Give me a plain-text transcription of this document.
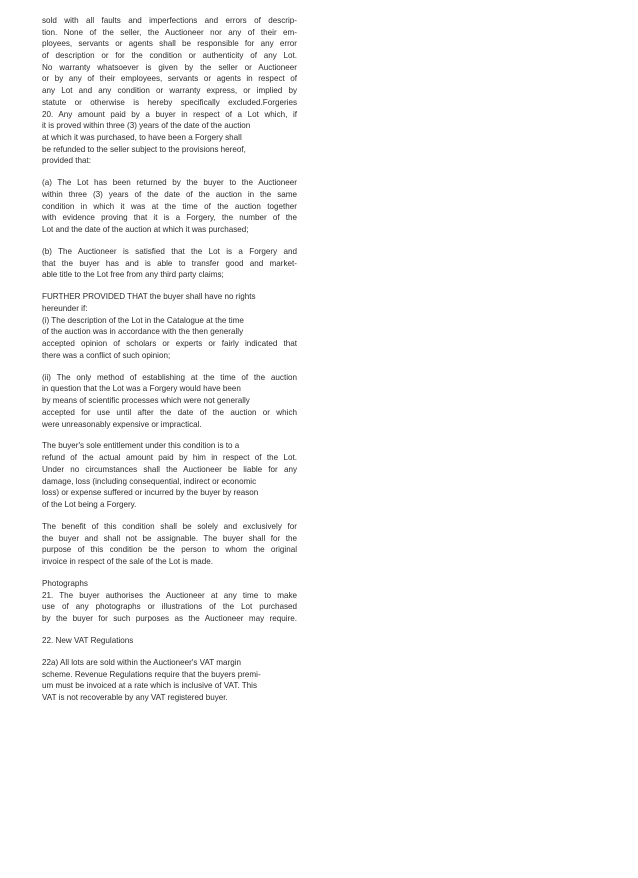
sold with all faults and imperfections and errors of descrip-
tion. None of the seller, the Auctioneer nor any of their em-
ployees, servants or agents shall be responsible for any error
of description or for the condition or authenticity of any Lot.
No warranty whatsoever is given by the seller or Auctioneer
or by any of their employees, servants or agents in respect of
any Lot and any condition or warranty express, or implied by
statute or otherwise is hereby specifically excluded.Forgeries
20. Any amount paid by a buyer in respect of a Lot which, if
it is proved within three (3) years of the date of the auction
at which it was purchased, to have been a Forgery shall
be refunded to the seller subject to the provisions hereof,
provided that:
(a) The Lot has been returned by the buyer to the Auctioneer
within three (3) years of the date of the auction in the same
condition in which it was at the time of the auction together
with evidence proving that it is a Forgery, the number of the
Lot and the date of the auction at which it was purchased;
(b) The Auctioneer is satisfied that the Lot is a Forgery and
that the buyer has and is able to transfer good and market-
able title to the Lot free from any third party claims;
FURTHER PROVIDED THAT the buyer shall have no rights
hereunder if:
(i) The description of the Lot in the Catalogue at the time
of the auction was in accordance with the then generally
accepted opinion of scholars or experts or fairly indicated that
there was a conflict of such opinion;
(ii) The only method of establishing at the time of the auction
in question that the Lot was a Forgery would have been
by means of scientific processes which were not generally
accepted for use until after the date of the auction or which
were unreasonably expensive or impractical.
The buyer's sole entitlement under this condition is to a
refund of the actual amount paid by him in respect of the Lot.
Under no circumstances shall the Auctioneer be liable for any
damage, loss (including consequential, indirect or economic
loss) or expense suffered or incurred by the buyer by reason
of the Lot being a Forgery.
The benefit of this condition shall be solely and exclusively for
the buyer and shall not be assignable. The buyer shall for the
purpose of this condition be the person to whom the original
invoice in respect of the sale of the Lot is made.
Photographs
21. The buyer authorises the Auctioneer at any time to make
use of any photographs or illustrations of the Lot purchased
by the buyer for such purposes as the Auctioneer may require.
22. New VAT Regulations
22a) All lots are sold within the Auctioneer's VAT margin
scheme. Revenue Regulations require that the buyers premi-
um must be invoiced at a rate which is inclusive of VAT. This
VAT is not recoverable by any VAT registered buyer.
